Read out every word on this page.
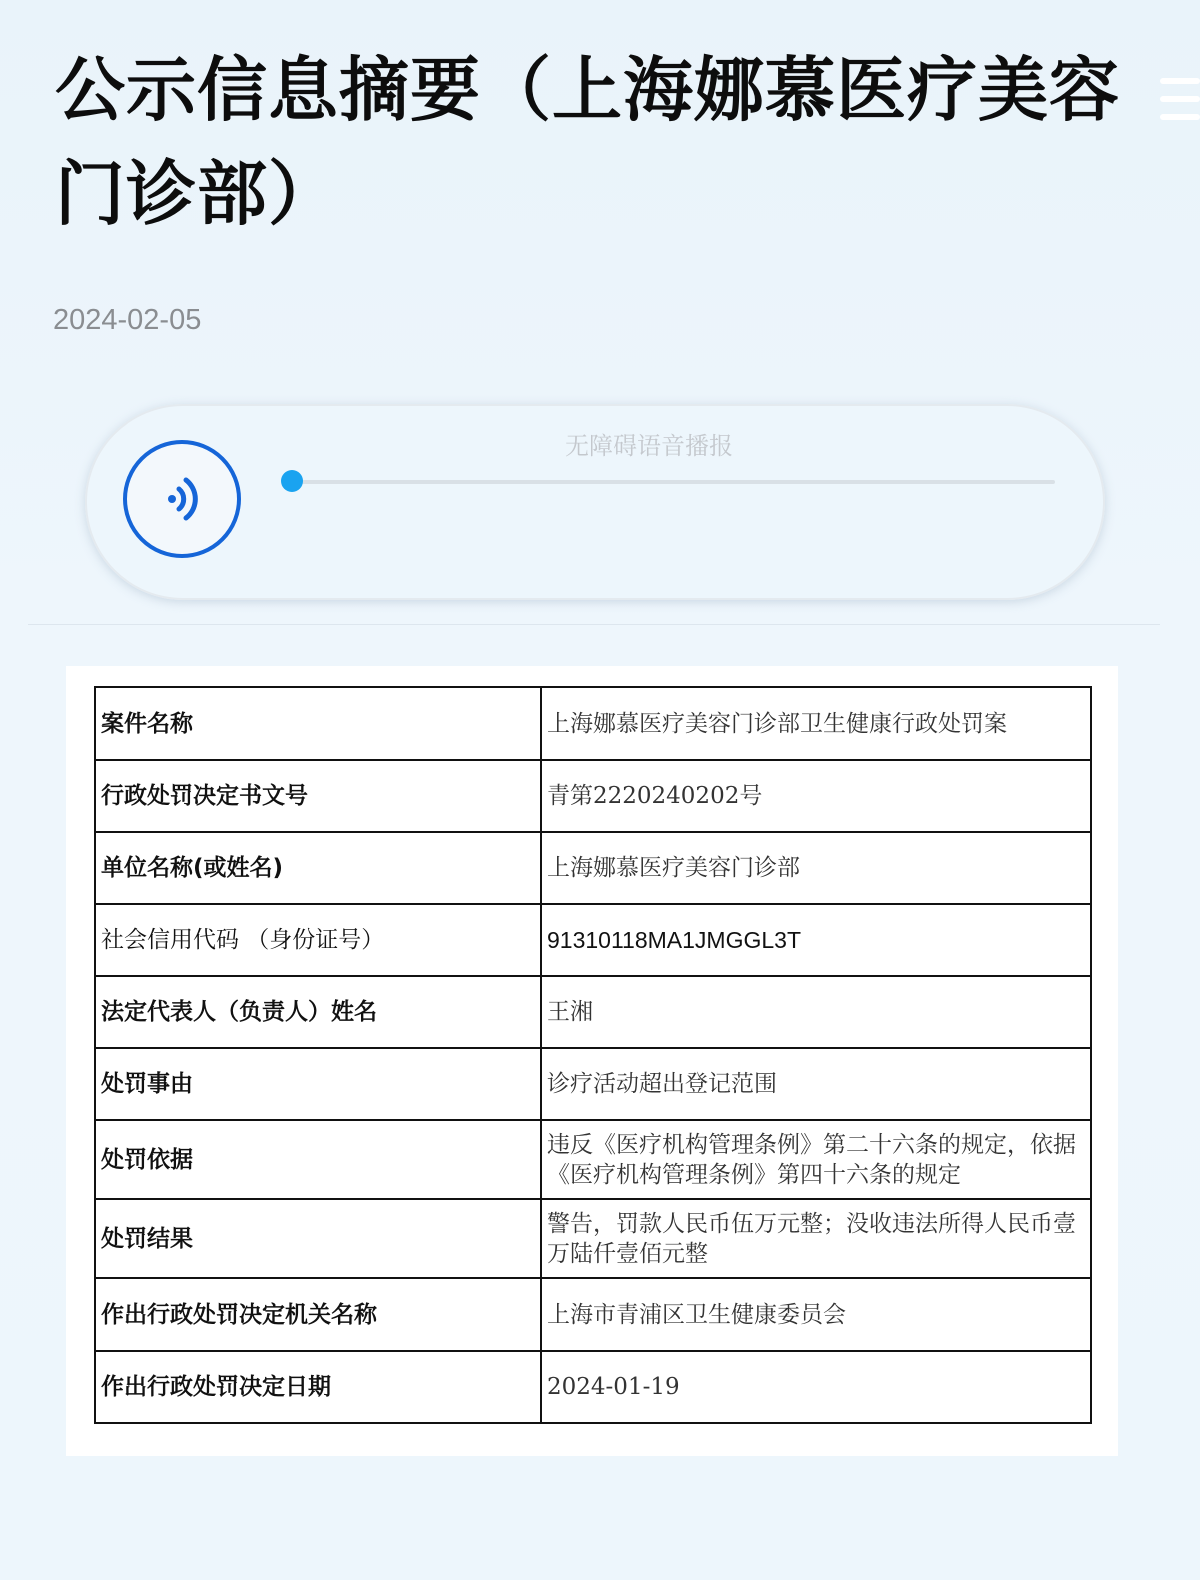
公示信息摘要（上海娜慕医疗美容门诊部）
2024-02-05
无障碍语音播报
案件名称	上海娜慕医疗美容门诊部卫生健康行政处罚案
行政处罚决定书文号	青第2220240202号
单位名称(或姓名)	上海娜慕医疗美容门诊部
社会信用代码 （身份证号）	91310118MA1JMGGL3T
法定代表人（负责人）姓名	王湘
处罚事由	诊疗活动超出登记范围
处罚依据	违反《医疗机构管理条例》第二十六条的规定，依据《医疗机构管理条例》第四十六条的规定
处罚结果	警告，罚款人民币伍万元整；没收违法所得人民币壹万陆仟壹佰元整
作出行政处罚决定机关名称	上海市青浦区卫生健康委员会
作出行政处罚决定日期	2024-01-19
